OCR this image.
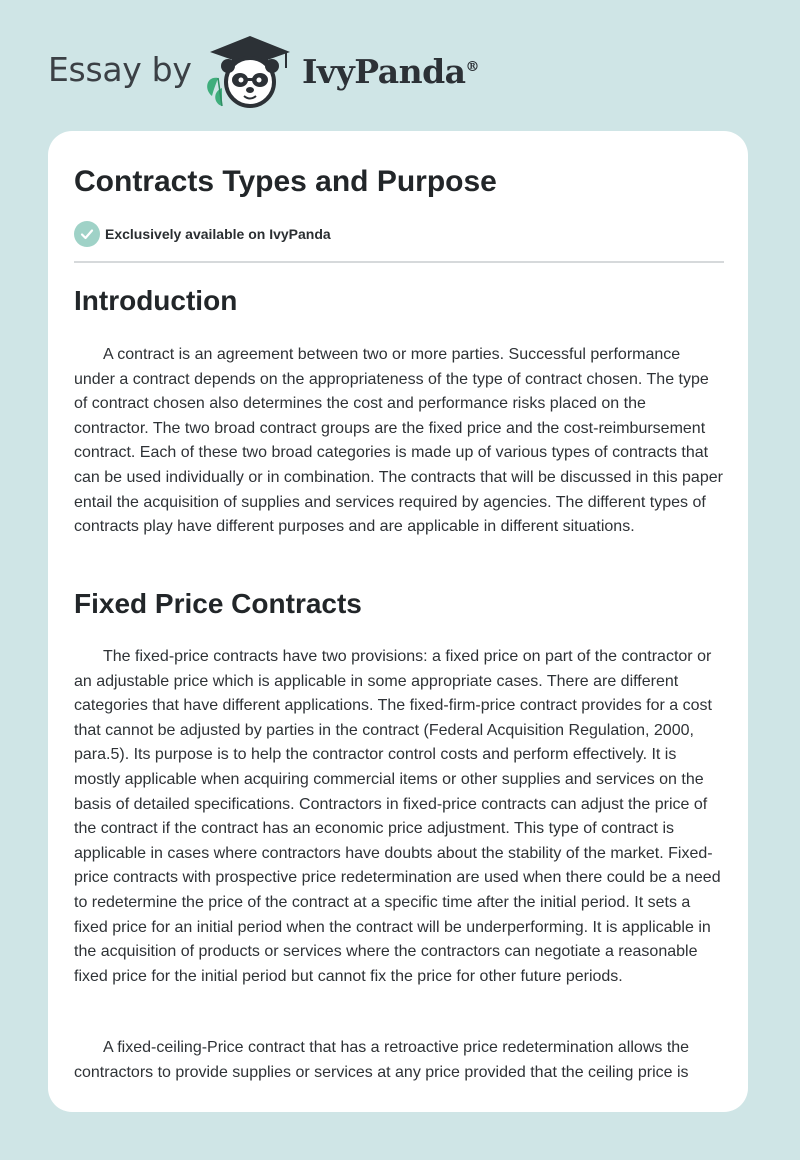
Essay by	IvyPanda®
Contracts Types and Purpose
Exclusively available on IvyPanda
Introduction

A contract is an agreement between two or more parties. Successful performance under a contract depends on the appropriateness of the type of contract chosen. The type of contract chosen also determines the cost and performance risks placed on the contractor. The two broad contract groups are the fixed price and the cost-reimbursement contract. Each of these two broad categories is made up of various types of contracts that can be used individually or in combination. The contracts that will be discussed in this paper entail the acquisition of supplies and services required by agencies. The different types of contracts play have different purposes and are applicable in different situations.

Fixed Price Contracts

The fixed-price contracts have two provisions: a fixed price on part of the contractor or an adjustable price which is applicable in some appropriate cases. There are different categories that have different applications. The fixed-firm-price contract provides for a cost that cannot be adjusted by parties in the contract (Federal Acquisition Regulation, 2000, para.5). Its purpose is to help the contractor control costs and perform effectively. It is mostly applicable when acquiring commercial items or other supplies and services on the basis of detailed specifications. Contractors in fixed-price contracts can adjust the price of the contract if the contract has an economic price adjustment. This type of contract is applicable in cases where contractors have doubts about the stability of the market. Fixed-price contracts with prospective price redetermination are used when there could be a need to redetermine the price of the contract at a specific time after the initial period. It sets a fixed price for an initial period when the contract will be underperforming. It is applicable in the acquisition of products or services where the contractors can negotiate a reasonable fixed price for the initial period but cannot fix the price for other future periods.

A fixed-ceiling-Price contract that has a retroactive price redetermination allows the contractors to provide supplies or services at any price provided that the ceiling price is
